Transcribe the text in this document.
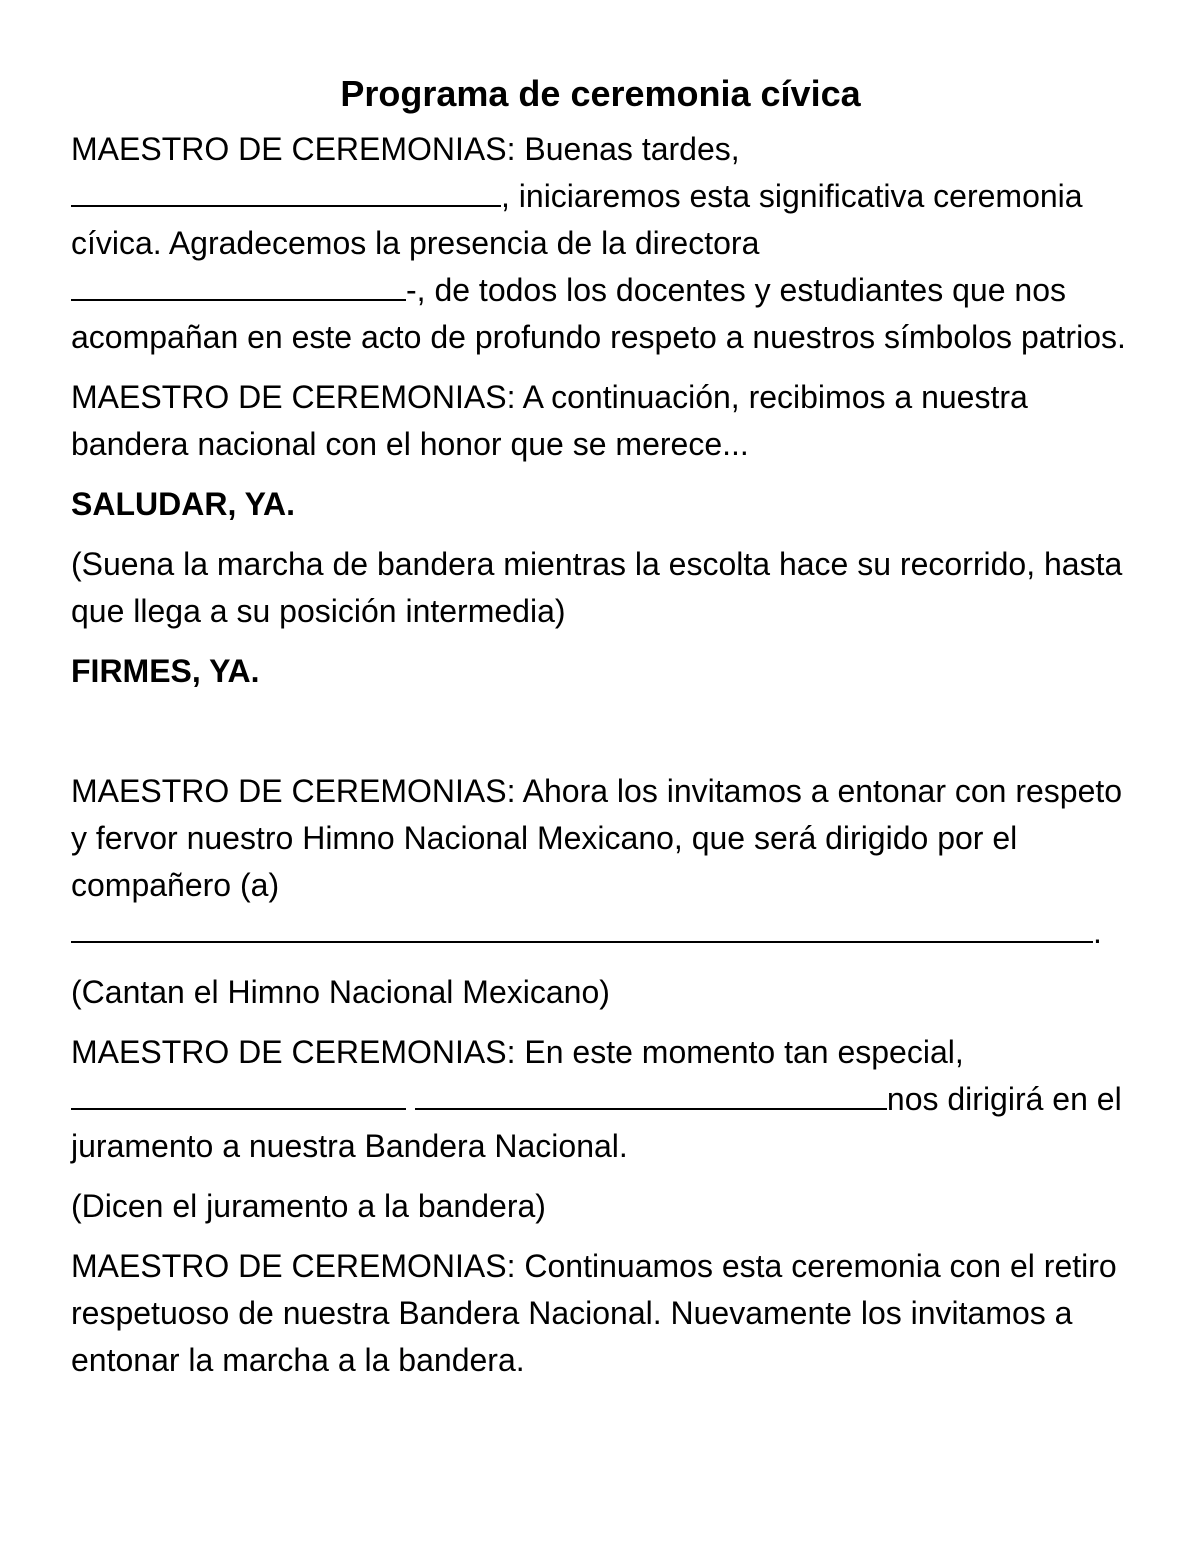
Programa de ceremonia cívica

MAESTRO DE CEREMONIAS: Buenas tardes,
, iniciaremos esta significativa ceremonia cívica. Agradecemos la presencia de la directora
-, de todos los docentes y estudiantes que nos acompañan en este acto de profundo respeto a nuestros símbolos patrios.

MAESTRO DE CEREMONIAS: A continuación, recibimos a nuestra bandera nacional con el honor que se merece...

SALUDAR, YA.

(Suena la marcha de bandera mientras la escolta hace su recorrido, hasta que llega a su posición intermedia)

FIRMES, YA.

MAESTRO DE CEREMONIAS: Ahora los invitamos a entonar con respeto y fervor nuestro Himno Nacional Mexicano, que será dirigido por el compañero (a)
.

(Cantan el Himno Nacional Mexicano)

MAESTRO DE CEREMONIAS: En este momento tan especial,
nos dirigirá en el juramento a nuestra Bandera Nacional.

(Dicen el juramento a la bandera)

MAESTRO DE CEREMONIAS: Continuamos esta ceremonia con el retiro respetuoso de nuestra Bandera Nacional. Nuevamente los invitamos a entonar la marcha a la bandera.
